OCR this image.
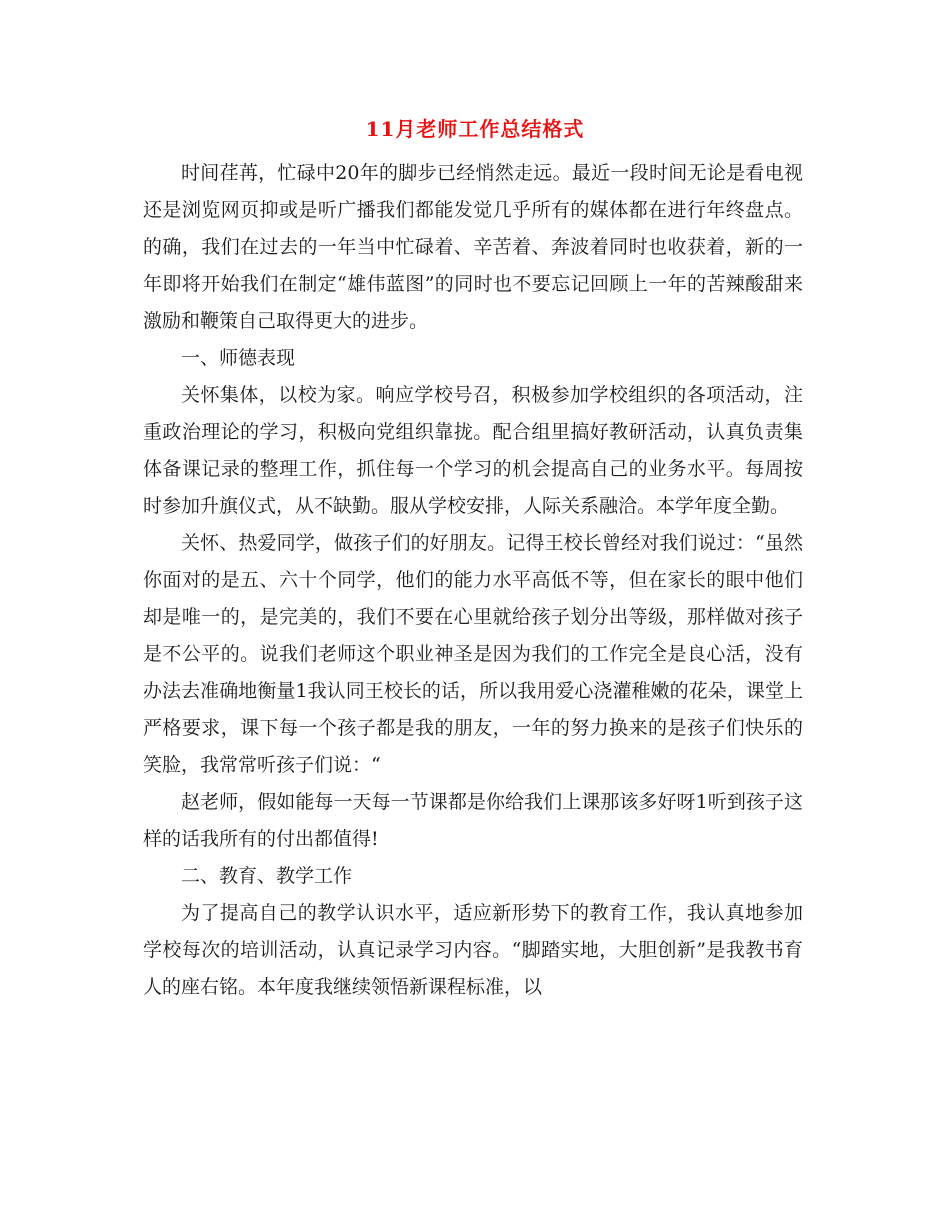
11月老师工作总结格式

时间荏苒，忙碌中20年的脚步已经悄然走远。最近一段时间无论是看电视还是浏览网页抑或是听广播我们都能发觉几乎所有的媒体都在进行年终盘点。的确，我们在过去的一年当中忙碌着、辛苦着、奔波着同时也收获着，新的一年即将开始我们在制定“雄伟蓝图”的同时也不要忘记回顾上一年的苦辣酸甜来激励和鞭策自己取得更大的进步。

一、师德表现

关怀集体，以校为家。响应学校号召，积极参加学校组织的各项活动，注重政治理论的学习，积极向党组织靠拢。配合组里搞好教研活动，认真负责集体备课记录的整理工作，抓住每一个学习的机会提高自己的业务水平。每周按时参加升旗仪式，从不缺勤。服从学校安排，人际关系融洽。本学年度全勤。

关怀、热爱同学，做孩子们的好朋友。记得王校长曾经对我们说过：“虽然你面对的是五、六十个同学，他们的能力水平高低不等，但在家长的眼中他们却是唯一的，是完美的，我们不要在心里就给孩子划分出等级，那样做对孩子是不公平的。说我们老师这个职业神圣是因为我们的工作完全是良心活，没有办法去准确地衡量1我认同王校长的话，所以我用爱心浇灌稚嫩的花朵，课堂上严格要求，课下每一个孩子都是我的朋友，一年的努力换来的是孩子们快乐的笑脸，我常常听孩子们说：“

赵老师，假如能每一天每一节课都是你给我们上课那该多好呀1听到孩子这样的话我所有的付出都值得!

二、教育、教学工作

为了提高自己的教学认识水平，适应新形势下的教育工作，我认真地参加学校每次的培训活动，认真记录学习内容。“脚踏实地，大胆创新”是我教书育人的座右铭。本年度我继续领悟新课程标准，以
